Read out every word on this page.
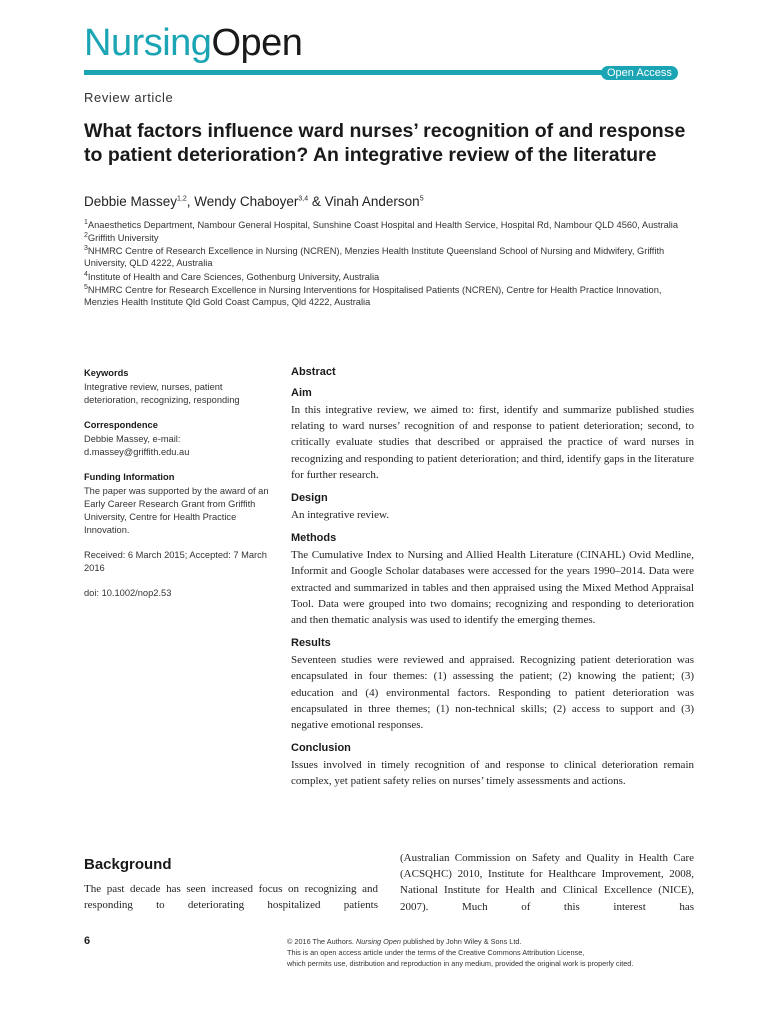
NursingOpen
Open Access
Review article
What factors influence ward nurses’ recognition of and response to patient deterioration? An integrative review of the literature
Debbie Massey$^{1,2}$, Wendy Chaboyer$^{3,4}$ & Vinah Anderson$^5$

$^1$Anaesthetics Department, Nambour General Hospital, Sunshine Coast Hospital and Health Service, Hospital Rd, Nambour QLD 4560, Australia

$^2$Griffith University

$^3$NHMRC Centre of Research Excellence in Nursing (NCREN), Menzies Health Institute Queensland School of Nursing and Midwifery, Griffith University, QLD 4222, Australia

$^4$Institute of Health and Care Sciences, Gothenburg University, Australia

$^5$NHMRC Centre for Research Excellence in Nursing Interventions for Hospitalised Patients (NCREN), Centre for Health Practice Innovation, Menzies Health Institute Qld Gold Coast Campus, Qld 4222, Australia

Keywords

Integrative review, nurses, patient deterioration, recognizing, responding

Correspondence

Debbie Massey, e-mail: d.massey@griffith.edu.au

Funding Information

The paper was supported by the award of an Early Career Research Grant from Griffith University, Centre for Health Practice Innovation.

Received: 6 March 2015; Accepted: 7 March 2016

doi: 10.1002/nop2.53

Abstract

Aim

In this integrative review, we aimed to: first, identify and summarize published studies relating to ward nurses’ recognition of and response to patient deterioration; second, to critically evaluate studies that described or appraised the practice of ward nurses in recognizing and responding to patient deterioration; and third, identify gaps in the literature for further research.

Design

An integrative review.

Methods

The Cumulative Index to Nursing and Allied Health Literature (CINAHL) Ovid Medline, Informit and Google Scholar databases were accessed for the years 1990–2014. Data were extracted and summarized in tables and then appraised using the Mixed Method Appraisal Tool. Data were grouped into two domains; recognizing and responding to deterioration and then thematic analysis was used to identify the emerging themes.

Results

Seventeen studies were reviewed and appraised. Recognizing patient deterioration was encapsulated in four themes: (1) assessing the patient; (2) knowing the patient; (3) education and (4) environmental factors. Responding to patient deterioration was encapsulated in three themes; (1) non-technical skills; (2) access to support and (3) negative emotional responses.

Conclusion

Issues involved in timely recognition of and response to clinical deterioration remain complex, yet patient safety relies on nurses’ timely assessments and actions.

Background

The past decade has seen increased focus on recognizing and responding to deteriorating hospitalized patients

(Australian Commission on Safety and Quality in Health Care (ACSQHC) 2010, Institute for Healthcare Improvement, 2008, National Institute for Health and Clinical Excellence (NICE), 2007). Much of this interest has

6	© 2016 The Authors. Nursing Open published by John Wiley & Sons Ltd.

This is an open access article under the terms of the Creative Commons Attribution License,

which permits use, distribution and reproduction in any medium, provided the original work is properly cited.
